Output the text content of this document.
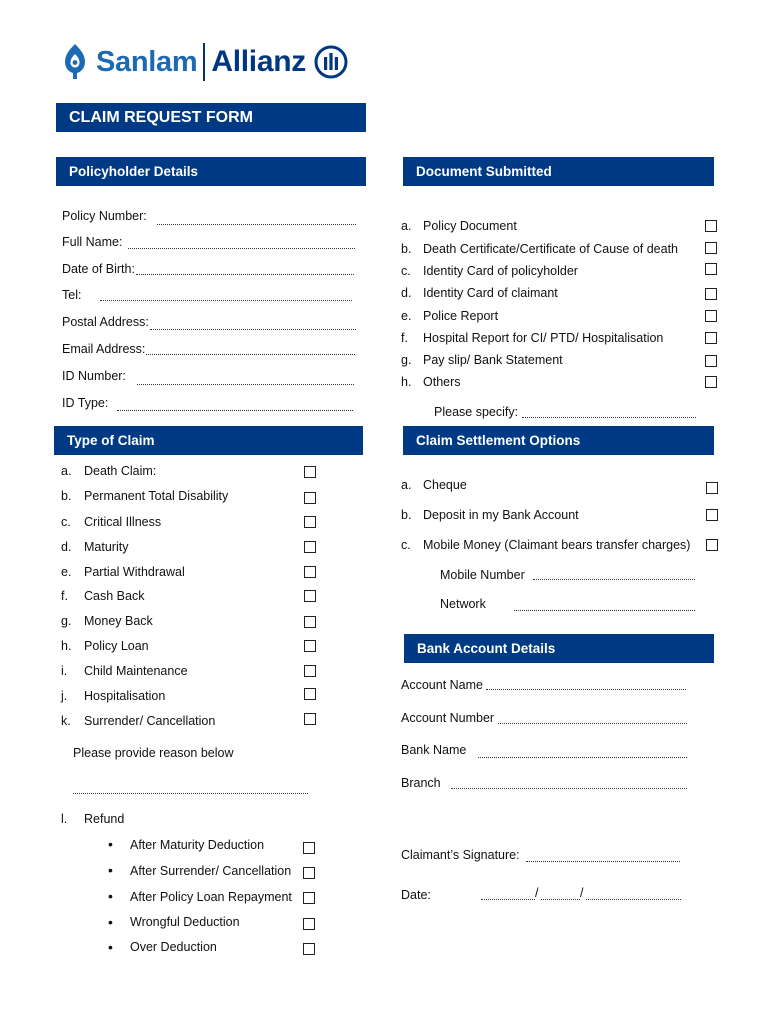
Sanlam Allianz
CLAIM REQUEST FORM
Policyholder Details
Policy Number:
Full Name:
Date of Birth:
Tel:
Postal Address:
Email Address:
ID Number:
ID Type:
Document Submitted
a. Policy Document
b. Death Certificate/Certificate of Cause of death
c. Identity Card of policyholder
d. Identity Card of claimant
e. Police Report
f. Hospital Report for CI/ PTD/ Hospitalisation
g. Pay slip/ Bank Statement
h. Others
Please specify:
Type of Claim
a. Death Claim:
b. Permanent Total Disability
c. Critical Illness
d. Maturity
e. Partial Withdrawal
f. Cash Back
g. Money Back
h. Policy Loan
i. Child Maintenance
j. Hospitalisation
k. Surrender/ Cancellation
Please provide reason below
l. Refund
• After Maturity Deduction
• After Surrender/ Cancellation
• After Policy Loan Repayment
• Wrongful Deduction
• Over Deduction
Claim Settlement Options
a. Cheque
b. Deposit in my Bank Account
c. Mobile Money (Claimant bears transfer charges)
Mobile Number
Network
Bank Account Details
Account Name
Account Number
Bank Name
Branch
Claimant’s Signature:
Date:	/	/
